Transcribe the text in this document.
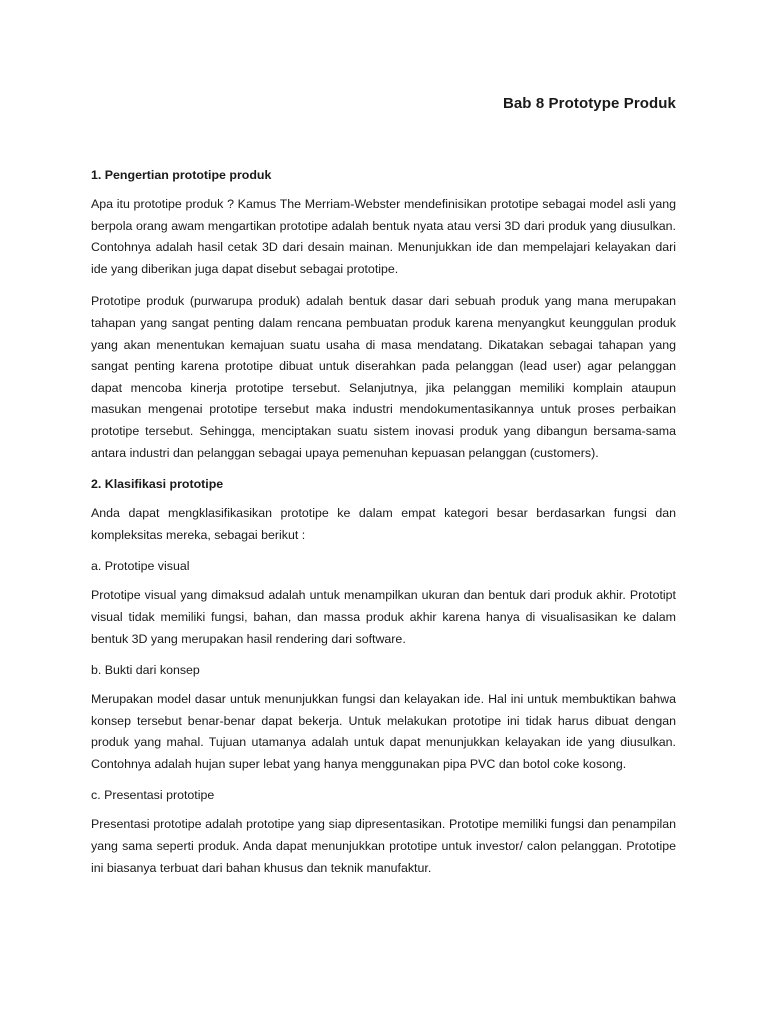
Bab 8 Prototype Produk

1. Pengertian prototipe produk

Apa itu prototipe produk ? Kamus The Merriam-Webster mendefinisikan prototipe sebagai model asli yang berpola orang awam mengartikan prototipe adalah bentuk nyata atau versi 3D dari produk yang diusulkan. Contohnya adalah hasil cetak 3D dari desain mainan. Menunjukkan ide dan mempelajari kelayakan dari ide yang diberikan juga dapat disebut sebagai prototipe.

Prototipe produk (purwarupa produk) adalah bentuk dasar dari sebuah produk yang mana merupakan tahapan yang sangat penting dalam rencana pembuatan produk karena menyangkut keunggulan produk yang akan menentukan kemajuan suatu usaha di masa mendatang. Dikatakan sebagai tahapan yang sangat penting karena prototipe dibuat untuk diserahkan pada pelanggan (lead user) agar pelanggan dapat mencoba kinerja prototipe tersebut. Selanjutnya, jika pelanggan memiliki komplain ataupun masukan mengenai prototipe tersebut maka industri mendokumentasikannya untuk proses perbaikan prototipe tersebut. Sehingga, menciptakan suatu sistem inovasi produk yang dibangun bersama-sama antara industri dan pelanggan sebagai upaya pemenuhan kepuasan pelanggan (customers).

2. Klasifikasi prototipe

Anda dapat mengklasifikasikan prototipe ke dalam empat kategori besar berdasarkan fungsi dan kompleksitas mereka, sebagai berikut :

a. Prototipe visual

Prototipe visual yang dimaksud adalah untuk menampilkan ukuran dan bentuk dari produk akhir. Prototipt visual tidak memiliki fungsi, bahan, dan massa produk akhir karena hanya di visualisasikan ke dalam bentuk 3D yang merupakan hasil rendering dari software.

b. Bukti dari konsep

Merupakan model dasar untuk menunjukkan fungsi dan kelayakan ide. Hal ini untuk membuktikan bahwa konsep tersebut benar-benar dapat bekerja. Untuk melakukan prototipe ini tidak harus dibuat dengan produk yang mahal. Tujuan utamanya adalah untuk dapat menunjukkan kelayakan ide yang diusulkan. Contohnya adalah hujan super lebat yang hanya menggunakan pipa PVC dan botol coke kosong.

c. Presentasi prototipe

Presentasi prototipe adalah prototipe yang siap dipresentasikan. Prototipe memiliki fungsi dan penampilan yang sama seperti produk. Anda dapat menunjukkan prototipe untuk investor/ calon pelanggan. Prototipe ini biasanya terbuat dari bahan khusus dan teknik manufaktur.
